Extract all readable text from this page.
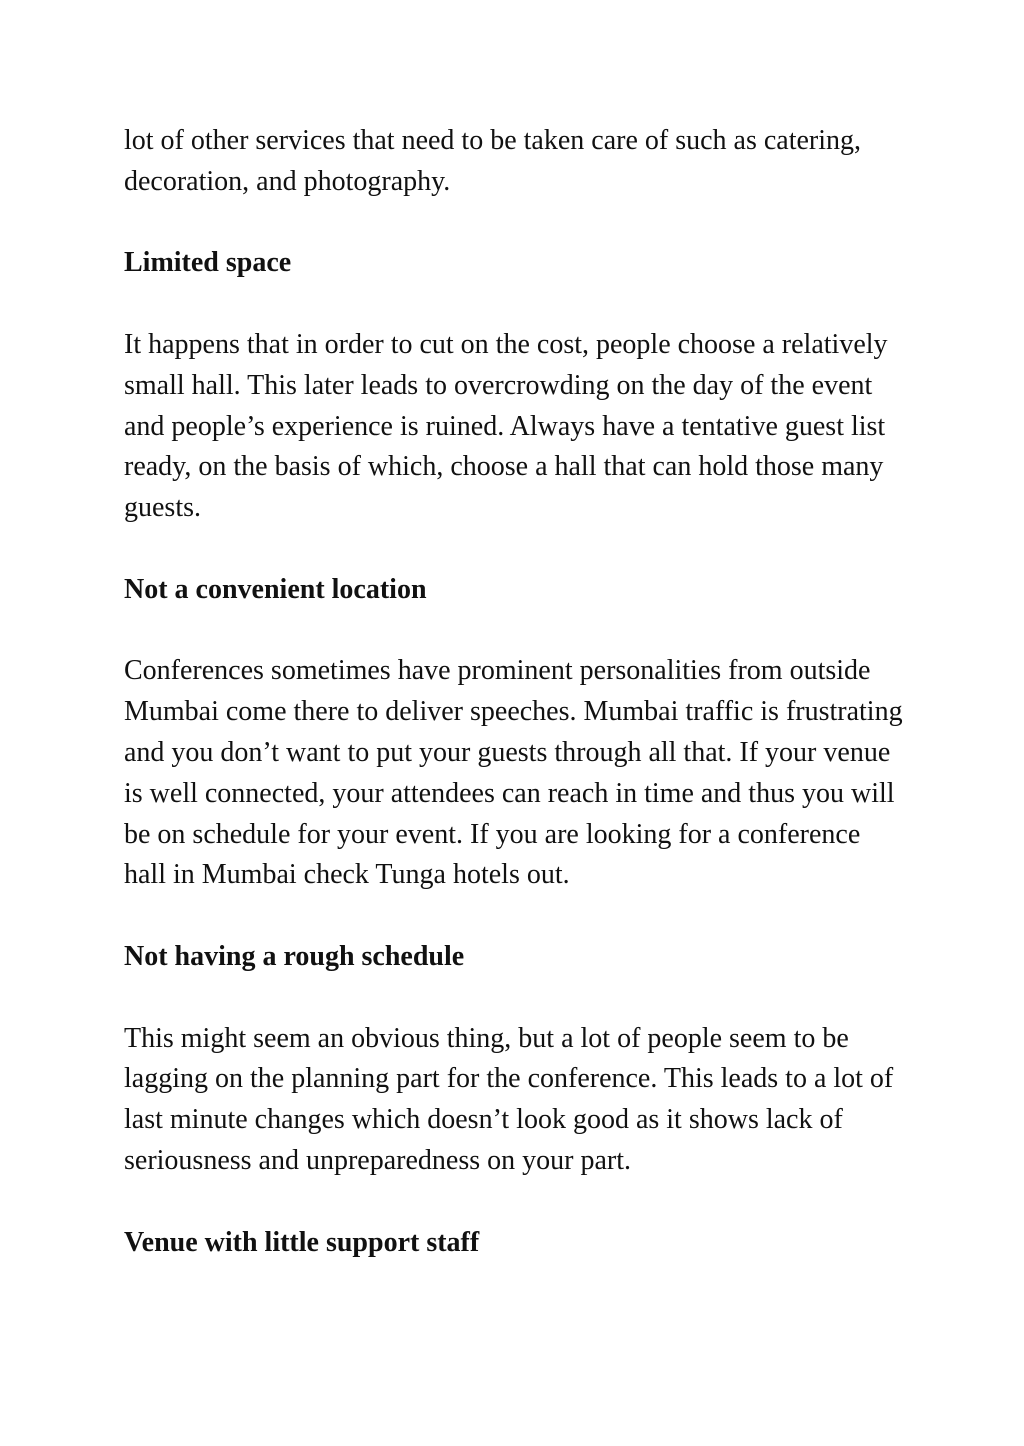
lot of other services that need to be taken care of such as catering, decoration, and photography.

Limited space

It happens that in order to cut on the cost, people choose a relatively small hall. This later leads to overcrowding on the day of the event and people’s experience is ruined. Always have a tentative guest list ready, on the basis of which, choose a hall that can hold those many guests.

Not a convenient location

Conferences sometimes have prominent personalities from outside Mumbai come there to deliver speeches. Mumbai traffic is frustrating and you don’t want to put your guests through all that. If your venue is well connected, your attendees can reach in time and thus you will be on schedule for your event. If you are looking for a conference hall in Mumbai check Tunga hotels out.

Not having a rough schedule

This might seem an obvious thing, but a lot of people seem to be lagging on the planning part for the conference. This leads to a lot of last minute changes which doesn’t look good as it shows lack of seriousness and unpreparedness on your part.

Venue with little support staff
